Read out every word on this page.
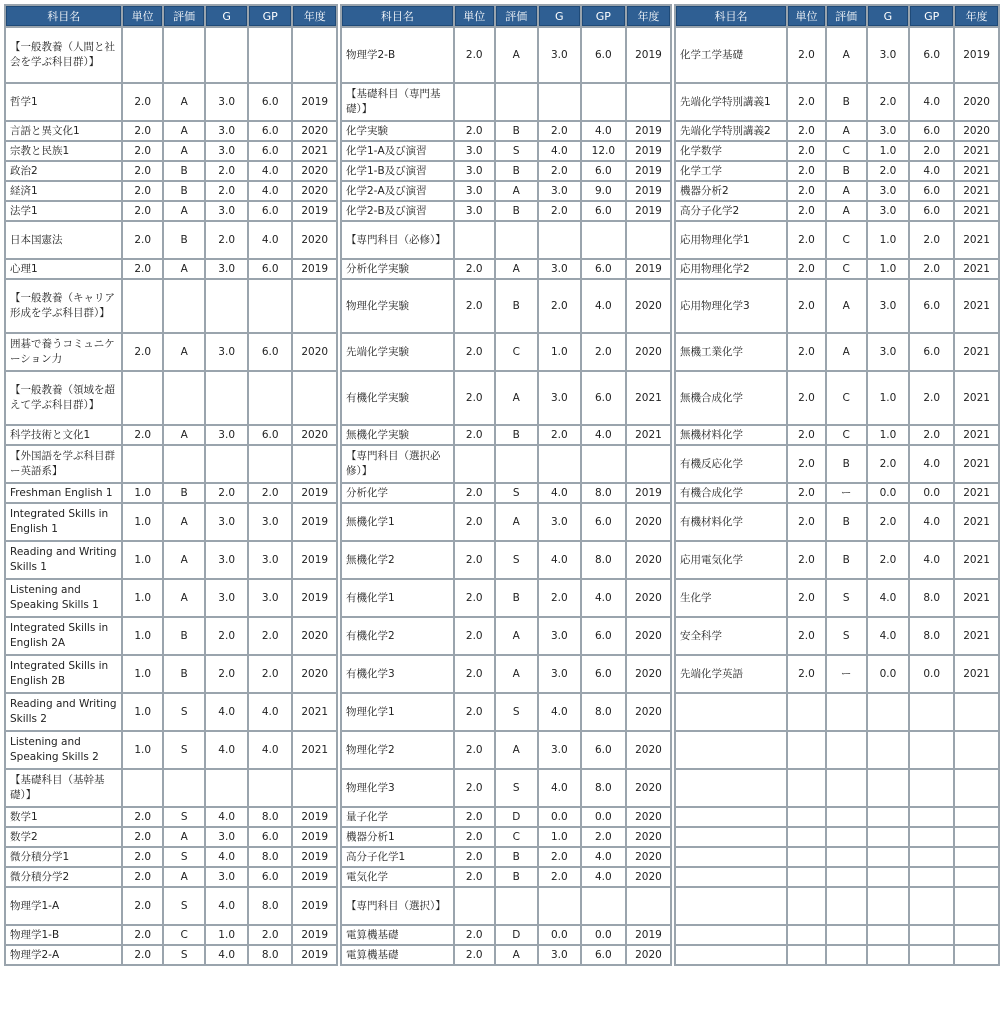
科目名	単位	評価	G	GP	年度
【一般教養（人間と社会を学ぶ科目群）】					
哲学1	2.0	A	3.0	6.0	2019
言語と異文化1	2.0	A	3.0	6.0	2020
宗教と民族1	2.0	A	3.0	6.0	2021
政治2	2.0	B	2.0	4.0	2020
経済1	2.0	B	2.0	4.0	2020
法学1	2.0	A	3.0	6.0	2019
日本国憲法	2.0	B	2.0	4.0	2020
心理1	2.0	A	3.0	6.0	2019
【一般教養（キャリア形成を学ぶ科目群）】					
囲碁で養うコミュニケーション力	2.0	A	3.0	6.0	2020
【一般教養（領域を超えて学ぶ科目群）】					
科学技術と文化1	2.0	A	3.0	6.0	2020
【外国語を学ぶ科目群ー英語系】					
Freshman English 1	1.0	B	2.0	2.0	2019
Integrated Skills in English 1	1.0	A	3.0	3.0	2019
Reading and Writing Skills 1	1.0	A	3.0	3.0	2019
Listening and Speaking Skills 1	1.0	A	3.0	3.0	2019
Integrated Skills in English 2A	1.0	B	2.0	2.0	2020
Integrated Skills in English 2B	1.0	B	2.0	2.0	2020
Reading and Writing Skills 2	1.0	S	4.0	4.0	2021
Listening and Speaking Skills 2	1.0	S	4.0	4.0	2021
【基礎科目（基幹基礎）】					
数学1	2.0	S	4.0	8.0	2019
数学2	2.0	A	3.0	6.0	2019
微分積分学1	2.0	S	4.0	8.0	2019
微分積分学2	2.0	A	3.0	6.0	2019
物理学1-A	2.0	S	4.0	8.0	2019
物理学1-B	2.0	C	1.0	2.0	2019
物理学2-A	2.0	S	4.0	8.0	2019
科目名	単位	評価	G	GP	年度
物理学2-B	2.0	A	3.0	6.0	2019
【基礎科目（専門基礎）】					
化学実験	2.0	B	2.0	4.0	2019
化学1-A及び演習	3.0	S	4.0	12.0	2019
化学1-B及び演習	3.0	B	2.0	6.0	2019
化学2-A及び演習	3.0	A	3.0	9.0	2019
化学2-B及び演習	3.0	B	2.0	6.0	2019
【専門科目（必修）】					
分析化学実験	2.0	A	3.0	6.0	2019
物理化学実験	2.0	B	2.0	4.0	2020
先端化学実験	2.0	C	1.0	2.0	2020
有機化学実験	2.0	A	3.0	6.0	2021
無機化学実験	2.0	B	2.0	4.0	2021
【専門科目（選択必修）】					
分析化学	2.0	S	4.0	8.0	2019
無機化学1	2.0	A	3.0	6.0	2020
無機化学2	2.0	S	4.0	8.0	2020
有機化学1	2.0	B	2.0	4.0	2020
有機化学2	2.0	A	3.0	6.0	2020
有機化学3	2.0	A	3.0	6.0	2020
物理化学1	2.0	S	4.0	8.0	2020
物理化学2	2.0	A	3.0	6.0	2020
物理化学3	2.0	S	4.0	8.0	2020
量子化学	2.0	D	0.0	0.0	2020
機器分析1	2.0	C	1.0	2.0	2020
高分子化学1	2.0	B	2.0	4.0	2020
電気化学	2.0	B	2.0	4.0	2020
【専門科目（選択）】					
電算機基礎	2.0	D	0.0	0.0	2019
電算機基礎	2.0	A	3.0	6.0	2020
科目名	単位	評価	G	GP	年度
化学工学基礎	2.0	A	3.0	6.0	2019
先端化学特別講義1	2.0	B	2.0	4.0	2020
先端化学特別講義2	2.0	A	3.0	6.0	2020
化学数学	2.0	C	1.0	2.0	2021
化学工学	2.0	B	2.0	4.0	2021
機器分析2	2.0	A	3.0	6.0	2021
高分子化学2	2.0	A	3.0	6.0	2021
応用物理化学1	2.0	C	1.0	2.0	2021
応用物理化学2	2.0	C	1.0	2.0	2021
応用物理化学3	2.0	A	3.0	6.0	2021
無機工業化学	2.0	A	3.0	6.0	2021
無機合成化学	2.0	C	1.0	2.0	2021
無機材料化学	2.0	C	1.0	2.0	2021
有機反応化学	2.0	B	2.0	4.0	2021
有機合成化学	2.0	ー	0.0	0.0	2021
有機材料化学	2.0	B	2.0	4.0	2021
応用電気化学	2.0	B	2.0	4.0	2021
生化学	2.0	S	4.0	8.0	2021
安全科学	2.0	S	4.0	8.0	2021
先端化学英語	2.0	ー	0.0	0.0	2021
